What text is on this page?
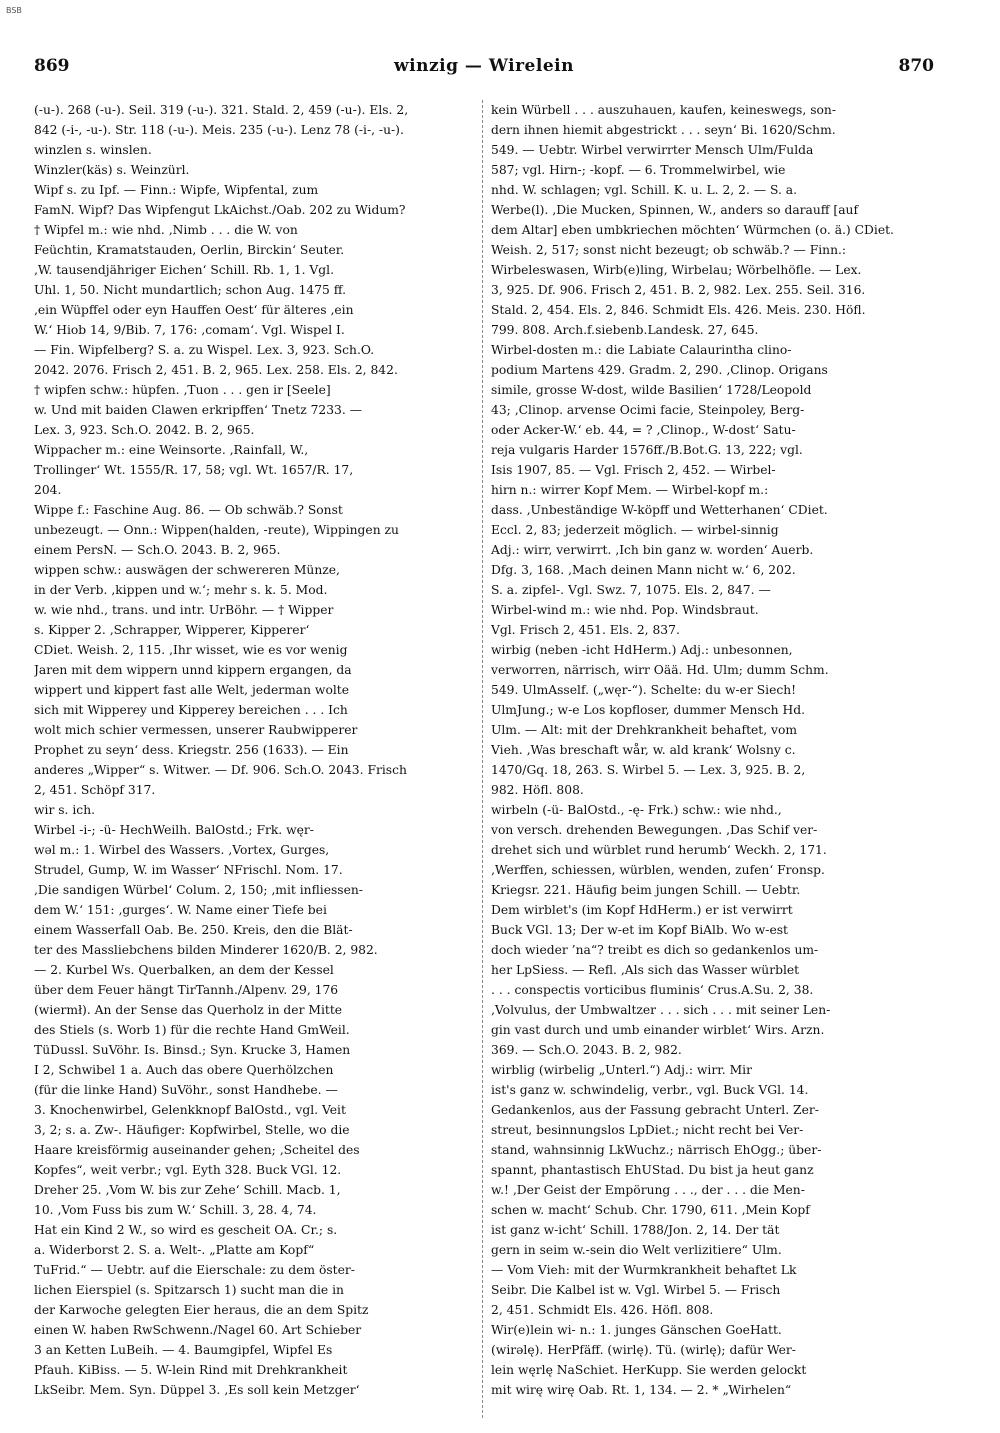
BSB
869	winzig — Wirelein	870
(-u-). 268 (-u-). Seil. 319 (-u-). 321. Stald. 2, 459 (-u-). Els. 2,
842 (-i-, -u-). Str. 118 (-u-). Meis. 235 (-u-). Lenz 78 (-i-, -u-).
winzlen s. winslen.
Winzler(käs) s. Weinzürl.
Wipf s. zu Ipf. — Finn.: Wipfe, Wipfental, zum
FamN. Wipf? Das Wipfengut LkAichst./Oab. 202 zu Widum?
† Wipfel m.: wie nhd. ‚Nimb . . . die W. von
Feüchtin, Kramatstauden, Oerlin, Birckin‘ Seuter.
‚W. tausendjähriger Eichen‘ Schill. Rb. 1, 1. Vgl.
Uhl. 1, 50. Nicht mundartlich; schon Aug. 1475 ff.
‚ein Wüpffel oder eyn Hauffen Oest‘ für älteres ‚ein
W.‘ Hiob 14, 9/Bib. 7, 176: ‚comam‘. Vgl. Wispel I.
— Fin. Wipfelberg? S. a. zu Wispel. Lex. 3, 923. Sch.O.
2042. 2076. Frisch 2, 451. B. 2, 965. Lex. 258. Els. 2, 842.
† wipfen schw.: hüpfen. ‚Tuon . . . gen ir [Seele]
w. Und mit baiden Clawen erkripffen‘ Tnetz 7233. —
Lex. 3, 923. Sch.O. 2042. B. 2, 965.
Wippacher m.: eine Weinsorte. ‚Rainfall, W.,
Trollinger‘ Wt. 1555/R. 17, 58; vgl. Wt. 1657/R. 17,
204.
Wippe f.: Faschine Aug. 86. — Ob schwäb.? Sonst
unbezeugt. — Onn.: Wippen(halden, -reute), Wippingen zu
einem PersN. — Sch.O. 2043. B. 2, 965.
wippen schw.: auswägen der schwereren Münze,
in der Verb. ‚kippen und w.‘; mehr s. k. 5. Mod.
w. wie nhd., trans. und intr. UrBöhr. — † Wipper
s. Kipper 2. ‚Schrapper, Wipperer, Kipperer‘
CDiet. Weish. 2, 115. ‚Ihr wisset, wie es vor wenig
Jaren mit dem wippern unnd kippern ergangen, da
wippert und kippert fast alle Welt, jederman wolte
sich mit Wipperey und Kipperey bereichen . . . Ich
wolt mich schier vermessen, unserer Raubwipperer
Prophet zu seyn‘ dess. Kriegstr. 256 (1633). — Ein
anderes „Wipper“ s. Witwer. — Df. 906. Sch.O. 2043. Frisch
2, 451. Schöpf 317.
wir s. ich.
Wirbel -i-; -ü- HechWeilh. BalOstd.; Frk. węr-
wəl m.: 1. Wirbel des Wassers. ‚Vortex, Gurges,
Strudel, Gump, W. im Wasser‘ NFrischl. Nom. 17.
‚Die sandigen Würbel‘ Colum. 2, 150; ‚mit infliessen-
dem W.‘ 151: ‚gurges‘. W. Name einer Tiefe bei
einem Wasserfall Oab. Be. 250. Kreis, den die Blät-
ter des Massliebchens bilden Minderer 1620/B. 2, 982.
— 2. Kurbel Ws. Querbalken, an dem der Kessel
über dem Feuer hängt TirTannh./Alpenv. 29, 176
(wiermł). An der Sense das Querholz in der Mitte
des Stiels (s. Worb 1) für die rechte Hand GmWeil.
TüDussl. SuVöhr. Is. Binsd.; Syn. Krucke 3, Hamen
I 2, Schwibel 1 a. Auch das obere Querhölzchen
(für die linke Hand) SuVöhr., sonst Handhebe. —
3. Knochenwirbel, Gelenkknopf BalOstd., vgl. Veit
3, 2; s. a. Zw-. Häufiger: Kopfwirbel, Stelle, wo die
Haare kreisförmig auseinander gehen; ‚Scheitel des
Kopfes“, weit verbr.; vgl. Eyth 328. Buck VGl. 12.
Dreher 25. ‚Vom W. bis zur Zehe‘ Schill. Macb. 1,
10. ‚Vom Fuss bis zum W.‘ Schill. 3, 28. 4, 74.
Hat ein Kind 2 W., so wird es gescheit OA. Cr.; s.
a. Widerborst 2. S. a. Welt-. „Platte am Kopf“
TuFrid.“ — Uebtr. auf die Eierschale: zu dem öster-
lichen Eierspiel (s. Spitzarsch 1) sucht man die in
der Karwoche gelegten Eier heraus, die an dem Spitz
einen W. haben RwSchwenn./Nagel 60. Art Schieber
3 an Ketten LuBeih. — 4. Baumgipfel, Wipfel Es
Pfauh. KiBiss. — 5. W-lein Rind mit Drehkrankheit
LkSeibr. Mem. Syn. Düppel 3. ‚Es soll kein Metzger‘
kein Würbell . . . auszuhauen, kaufen, keineswegs, son-
dern ihnen hiemit abgestrickt . . . seyn‘ Bi. 1620/Schm.
549. — Uebtr. Wirbel verwirrter Mensch Ulm/Fulda
587; vgl. Hirn-; -kopf. — 6. Trommelwirbel, wie
nhd. W. schlagen; vgl. Schill. K. u. L. 2, 2. — S. a.
Werbe(l). ‚Die Mucken, Spinnen, W., anders so darauff [auf
dem Altar] eben umbkriechen möchten‘ Würmchen (o. ä.) CDiet.
Weish. 2, 517; sonst nicht bezeugt; ob schwäb.? — Finn.:
Wirbeleswasen, Wirb(e)ling, Wirbelau; Wörbelhöfle. — Lex.
3, 925. Df. 906. Frisch 2, 451. B. 2, 982. Lex. 255. Seil. 316.
Stald. 2, 454. Els. 2, 846. Schmidt Els. 426. Meis. 230. Höfl.
799. 808. Arch.f.siebenb.Landesk. 27, 645.
Wirbel-dosten m.: die Labiate Calaurintha clino-
podium Martens 429. Gradm. 2, 290. ‚Clinop. Origans
simile, grosse W-dost, wilde Basilien‘ 1728/Leopold
43; ‚Clinop. arvense Ocimi facie, Steinpoley, Berg-
oder Acker-W.‘ eb. 44, = ? ‚Clinop., W-dost‘ Satu-
reja vulgaris Harder 1576ff./B.Bot.G. 13, 222; vgl.
Isis 1907, 85. — Vgl. Frisch 2, 452. — Wirbel-
hirn n.: wirrer Kopf Mem. — Wirbel-kopf m.:
dass. ‚Unbeständige W-köpff und Wetterhanen‘ CDiet.
Eccl. 2, 83; jederzeit möglich. — wirbel-sinnig
Adj.: wirr, verwirrt. ‚Ich bin ganz w. worden‘ Auerb.
Dfg. 3, 168. ‚Mach deinen Mann nicht w.‘ 6, 202.
S. a. zipfel-. Vgl. Swz. 7, 1075. Els. 2, 847. —
Wirbel-wind m.: wie nhd. Pop. Windsbraut.
Vgl. Frisch 2, 451. Els. 2, 837.
wirbig (neben -icht HdHerm.) Adj.: unbesonnen,
verworren, närrisch, wirr Oää. Hd. Ulm; dumm Schm.
549. UlmAsself. („węr-“). Schelte: du w-er Siech!
UlmJung.; w-e Los kopfloser, dummer Mensch Hd.
Ulm. — Alt: mit der Drehkrankheit behaftet, vom
Vieh. ‚Was breschaft wår, w. ald krank‘ Wolsny c.
1470/Gq. 18, 263. S. Wirbel 5. — Lex. 3, 925. B. 2,
982. Höfl. 808.
wirbeln (-ü- BalOstd., -ę- Frk.) schw.: wie nhd.,
von versch. drehenden Bewegungen. ‚Das Schif ver-
drehet sich und würblet rund herumb‘ Weckh. 2, 171.
‚Werffen, schiessen, würblen, wenden, zufen‘ Fronsp.
Kriegsr. 221. Häufig beim jungen Schill. — Uebtr.
Dem wirblet's (im Kopf HdHerm.) er ist verwirrt
Buck VGl. 13; Der w-et im Kopf BiAlb. Wo w-est
doch wieder ’na“? treibt es dich so gedankenlos um-
her LpSiess. — Refl. ‚Als sich das Wasser würblet
. . . conspectis vorticibus fluminis‘ Crus.A.Su. 2, 38.
‚Volvulus, der Umbwaltzer . . . sich . . . mit seiner Len-
gin vast durch und umb einander wirblet‘ Wirs. Arzn.
369. — Sch.O. 2043. B. 2, 982.
wirblig (wirbelig „Unterl.“) Adj.: wirr. Mir
ist's ganz w. schwindelig, verbr., vgl. Buck VGl. 14.
Gedankenlos, aus der Fassung gebracht Unterl. Zer-
streut, besinnungslos LpDiet.; nicht recht bei Ver-
stand, wahnsinnig LkWuchz.; närrisch EhOgg.; über-
spannt, phantastisch EhUStad. Du bist ja heut ganz
w.! ‚Der Geist der Empörung . . ., der . . . die Men-
schen w. macht‘ Schub. Chr. 1790, 611. ‚Mein Kopf
ist ganz w-icht‘ Schill. 1788/Jon. 2, 14. Der tät
gern in seim w.-sein dio Welt verlizitiere“ Ulm.
— Vom Vieh: mit der Wurmkrankheit behaftet Lk
Seibr. Die Kalbel ist w. Vgl. Wirbel 5. — Frisch
2, 451. Schmidt Els. 426. Höfl. 808.
Wir(e)lein wi- n.: 1. junges Gänschen GoeHatt.
(wirəlę). HerPfäff. (wirlę). Tü. (wirlę); dafür Wer-
lein węrlę NaSchiet. HerKupp. Sie werden gelockt
mit wirę wirę Oab. Rt. 1, 134. — 2. * „Wirhelen“
